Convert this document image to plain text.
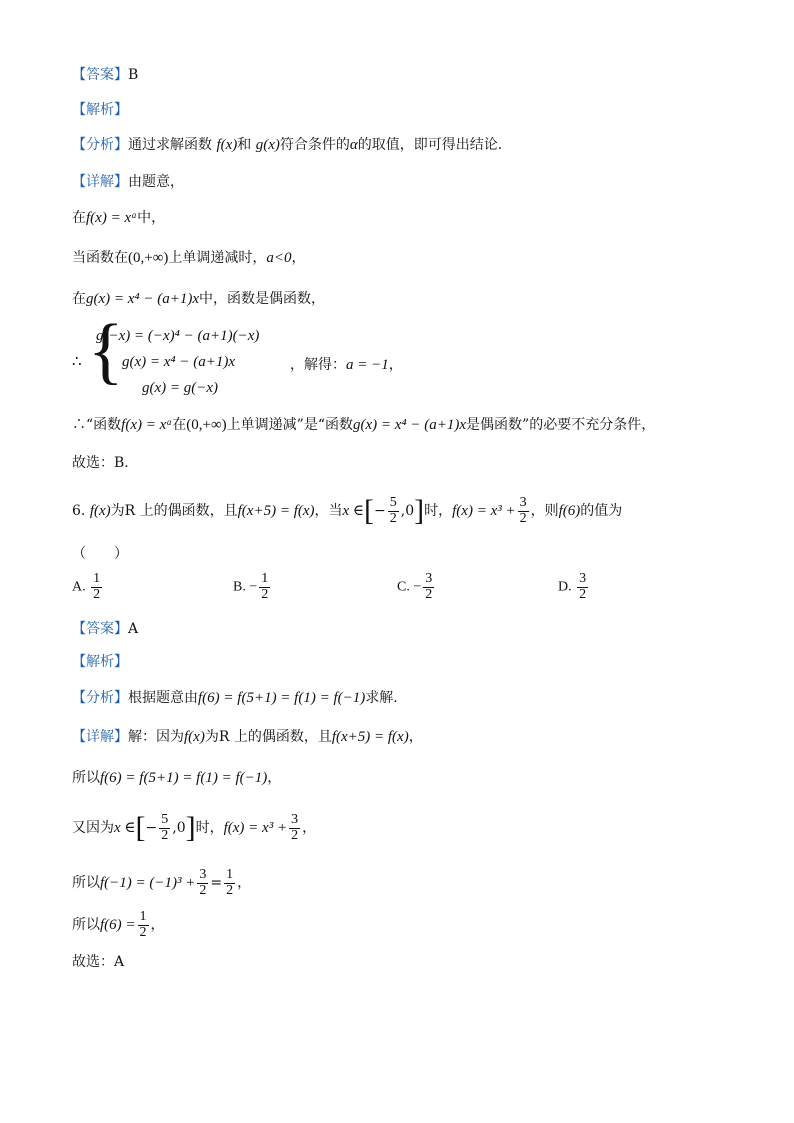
【答案】B
【解析】
【分析】通过求解函数 f(x)和 g(x)符合条件的α的取值，即可得出结论.
【详解】由题意，
在f(x) = xᵃ中，
当函数在(0,+∞)上单调递减时，a<0，
在g(x) = x⁴ − (a+1)x中，函数是偶函数，
∴ {
g(−x) = (−x)⁴ − (a+1)(−x)
g(x) = x⁴ − (a+1)x
g(x) = g(−x)
，解得：a = −1，
∴“函数f(x) = xᵃ在(0,+∞)上单调递减”是“函数g(x) = x⁴ − (a+1)x是偶函数”的必要不充分条件，
故选：B.
6. f(x)为R 上的偶函数，且f(x+5) = f(x)，当x ∈[− $\frac{5}{2} ,0$]时，$f(x) = x^3 + \frac{3}{2}$ ，则f(6)的值为
（　　）
A. $\frac{1}{2}$	B. − $\frac{1}{2}$	C. − $\frac{3}{2}$	D. $\frac{3}{2}$
【答案】A
【解析】
【分析】根据题意由f(6) = f(5+1) = f(1) = f(−1)求解.
【详解】解：因为f(x)为R 上的偶函数，且f(x+5) = f(x)，
所以f(6) = f(5+1) = f(1) = f(−1)，
又因为x ∈[− $\frac{5}{2} ,0$]时，$f(x) = x^3 + \frac{3}{2}$ ，
所以$f(-1) = (-1)^3 + \frac{3}{2} = \frac{1}{2}$ ，
所以$f(6) = \frac{1}{2}$ ，
故选：A
